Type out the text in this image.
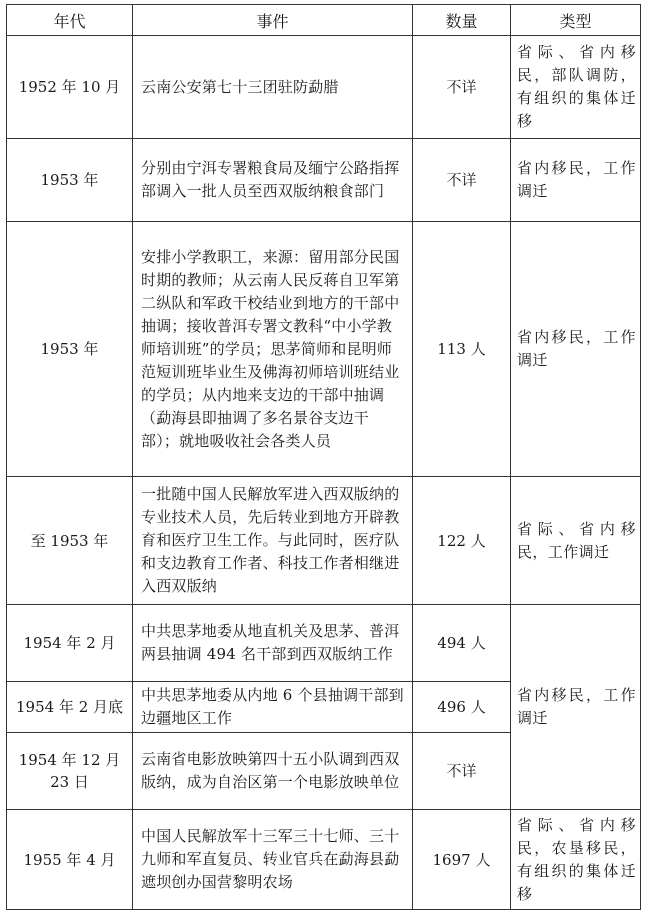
年代	事件	数量	类型
1952 年 10 月	云南公安第七十三团驻防勐腊	不详	省际、省内移民，部队调防，有组织的集体迁移
1953 年	分别由宁洱专署粮食局及缅宁公路指挥部调入一批人员至西双版纳粮食部门	不详	省内移民，工作调迁
1953 年	安排小学教职工，来源：留用部分民国时期的教师；从云南人民反蒋自卫军第二纵队和军政干校结业到地方的干部中抽调；接收普洱专署文教科“中小学教师培训班”的学员；思茅简师和昆明师范短训班毕业生及佛海初师培训班结业的学员；从内地来支边的干部中抽调（勐海县即抽调了多名景谷支边干部）；就地吸收社会各类人员	113 人	省内移民，工作调迁
至 1953 年	一批随中国人民解放军进入西双版纳的专业技术人员，先后转业到地方开辟教育和医疗卫生工作。与此同时，医疗队和支边教育工作者、科技工作者相继进入西双版纳	122 人	省际、省内移民，工作调迁
1954 年 2 月	中共思茅地委从地直机关及思茅、普洱两县抽调 494 名干部到西双版纳工作	494 人	省内移民，工作调迁
1954 年 2 月底	中共思茅地委从内地 6 个县抽调干部到边疆地区工作	496 人	
1954 年 12 月 23 日	云南省电影放映第四十五小队调到西双版纳，成为自治区第一个电影放映单位	不详	
1955 年 4 月	中国人民解放军十三军三十七师、三十九师和军直复员、转业官兵在勐海县勐遮坝创办国营黎明农场	1697 人	省际、省内移民，农垦移民，有组织的集体迁移
